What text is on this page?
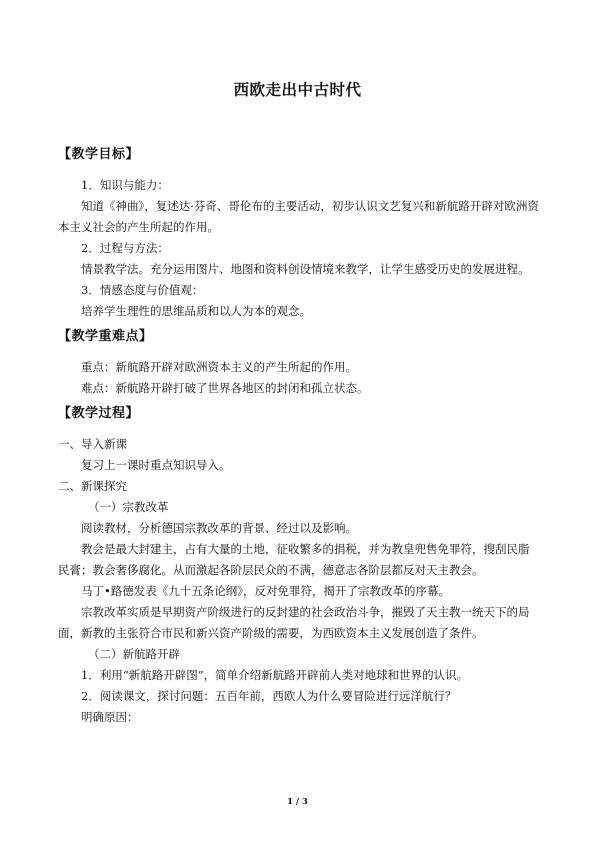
西欧走出中古时代
【教学目标】

1．知识与能力：

知道《神曲》，复述达·芬奇、哥伦布的主要活动，初步认识文艺复兴和新航路开辟对欧洲资本主义社会的产生所起的作用。

2．过程与方法：

情景教学法。充分运用图片、地图和资料创设情境来教学，让学生感受历史的发展进程。

3．情感态度与价值观：

培养学生理性的思维品质和以人为本的观念。

【教学重难点】

重点：新航路开辟对欧洲资本主义的产生所起的作用。

难点：新航路开辟打破了世界各地区的封闭和孤立状态。

【教学过程】

一、导入新课

复习上一课时重点知识导入。

二、新课探究

（一）宗教改革

阅读教材，分析德国宗教改革的背景、经过以及影响。

教会是最大封建主，占有大量的土地，征收繁多的捐税，并为教皇兜售免罪符，搜刮民脂民膏；教会奢侈腐化。从而激起各阶层民众的不满，德意志各阶层都反对天主教会。

马丁•路德发表《九十五条论纲》，反对免罪符，揭开了宗教改革的序幕。

宗教改革实质是早期资产阶级进行的反封建的社会政治斗争，摧毁了天主教一统天下的局面，新教的主张符合市民和新兴资产阶级的需要，为西欧资本主义发展创造了条件。

（二）新航路开辟

1．利用“新航路开辟图”，简单介绍新航路开辟前人类对地球和世界的认识。

2．阅读课文，探讨问题：五百年前，西欧人为什么要冒险进行远洋航行？

明确原因：

1 / 3
